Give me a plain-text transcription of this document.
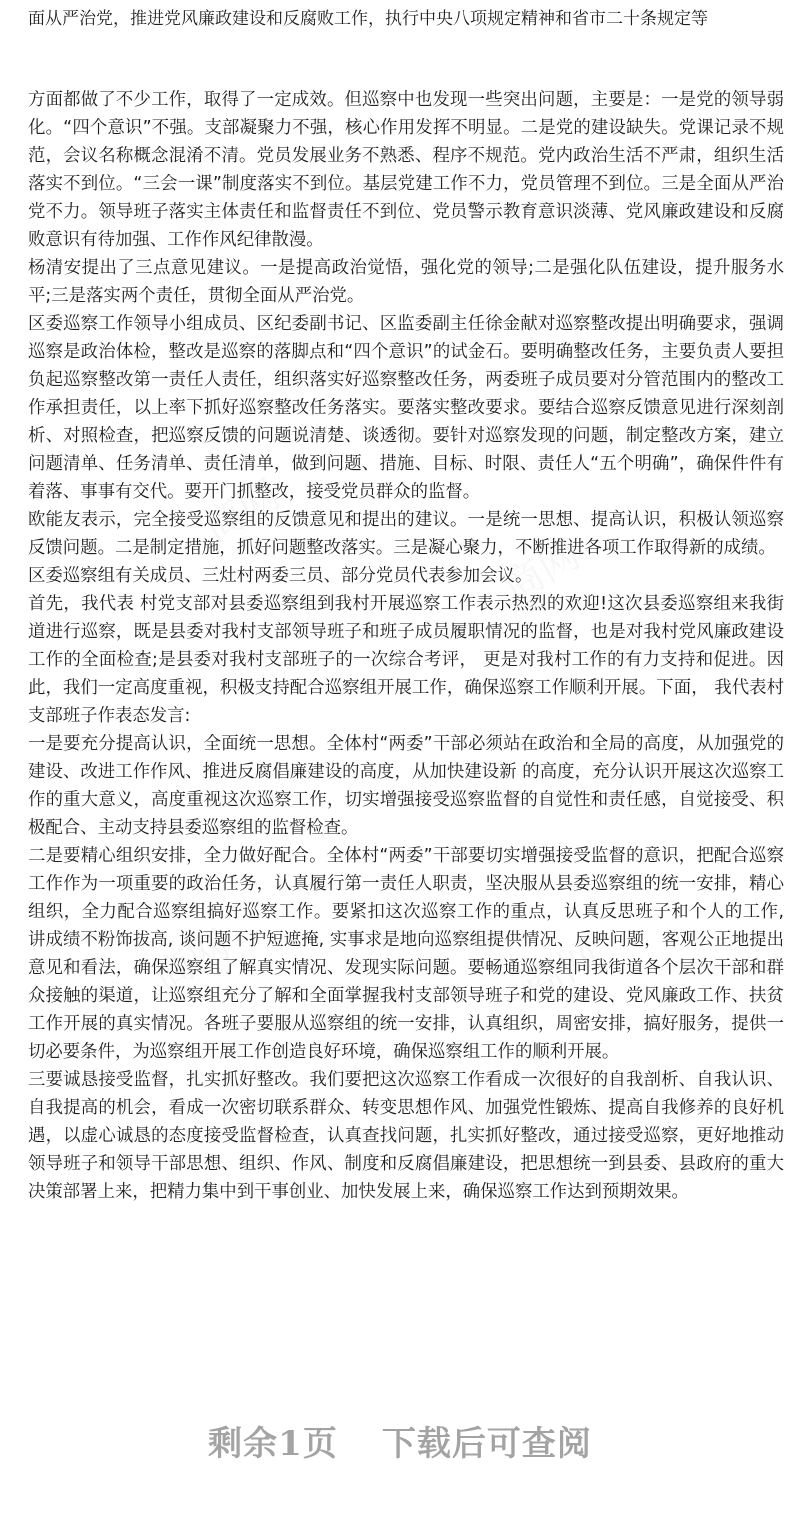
面从严治党，推进党风廉政建设和反腐败工作，执行中央八项规定精神和省市二十条规定等

方面都做了不少工作，取得了一定成效。但巡察中也发现一些突出问题，主要是：一是党的领导弱化。“四个意识”不强。支部凝聚力不强，核心作用发挥不明显。二是党的建设缺失。党课记录不规范，会议名称概念混淆不清。党员发展业务不熟悉、程序不规范。党内政治生活不严肃，组织生活落实不到位。“三会一课”制度落实不到位。基层党建工作不力，党员管理不到位。三是全面从严治党不力。领导班子落实主体责任和监督责任不到位、党员警示教育意识淡薄、党风廉政建设和反腐败意识有待加强、工作作风纪律散漫。

杨清安提出了三点意见建议。一是提高政治觉悟，强化党的领导;二是强化队伍建设，提升服务水平;三是落实两个责任，贯彻全面从严治党。

区委巡察工作领导小组成员、区纪委副书记、区监委副主任徐金献对巡察整改提出明确要求，强调巡察是政治体检，整改是巡察的落脚点和“四个意识”的试金石。要明确整改任务，主要负责人要担负起巡察整改第一责任人责任，组织落实好巡察整改任务，两委班子成员要对分管范围内的整改工作承担责任，以上率下抓好巡察整改任务落实。要落实整改要求。要结合巡察反馈意见进行深刻剖析、对照检查，把巡察反馈的问题说清楚、谈透彻。要针对巡察发现的问题，制定整改方案，建立问题清单、任务清单、责任清单，做到问题、措施、目标、时限、责任人“五个明确”，确保件件有着落、事事有交代。要开门抓整改，接受党员群众的监督。

欧能友表示，完全接受巡察组的反馈意见和提出的建议。一是统一思想、提高认识，积极认领巡察反馈问题。二是制定措施，抓好问题整改落实。三是凝心聚力，不断推进各项工作取得新的成绩。

区委巡察组有关成员、三灶村两委三员、部分党员代表参加会议。

首先，我代表 村党支部对县委巡察组到我村开展巡察工作表示热烈的欢迎!这次县委巡察组来我街道进行巡察，既是县委对我村支部领导班子和班子成员履职情况的监督，也是对我村党风廉政建设工作的全面检查;是县委对我村支部班子的一次综合考评， 更是对我村工作的有力支持和促进。因此，我们一定高度重视，积极支持配合巡察组开展工作，确保巡察工作顺利开展。下面， 我代表村支部班子作表态发言:

一是要充分提高认识，全面统一思想。全体村“两委”干部必须站在政治和全局的高度，从加强党的建设、改进工作作风、推进反腐倡廉建设的高度，从加快建设新 的高度，充分认识开展这次巡察工作的重大意义，高度重视这次巡察工作，切实增强接受巡察监督的自觉性和责任感，自觉接受、积极配合、主动支持县委巡察组的监督检查。

二是要精心组织安排，全力做好配合。全体村“两委”干部要切实增强接受监督的意识，把配合巡察工作作为一项重要的政治任务，认真履行第一责任人职责，坚决服从县委巡察组的统一安排，精心组织，全力配合巡察组搞好巡察工作。要紧扣这次巡察工作的重点，认真反思班子和个人的工作, 讲成绩不粉饰拔高, 谈问题不护短遮掩, 实事求是地向巡察组提供情况、反映问题，客观公正地提出意见和看法，确保巡察组了解真实情况、发现实际问题。要畅通巡察组同我街道各个层次干部和群众接触的渠道，让巡察组充分了解和全面掌握我村支部领导班子和党的建设、党风廉政工作、扶贫工作开展的真实情况。各班子要服从巡察组的统一安排，认真组织，周密安排，搞好服务，提供一切必要条件，为巡察组开展工作创造良好环境，确保巡察组工作的顺利开展。

三要诚恳接受监督，扎实抓好整改。我们要把这次巡察工作看成一次很好的自我剖析、自我认识、自我提高的机会，看成一次密切联系群众、转变思想作风、加强党性锻炼、提高自我修养的良好机遇，以虚心诚恳的态度接受监督检查，认真查找问题，扎实抓好整改，通过接受巡察，更好地推动领导班子和领导干部思想、组织、作风、制度和反腐倡廉建设，把思想统一到县委、县政府的重大决策部署上来，把精力集中到干事创业、加快发展上来，确保巡察工作达到预期效果。

剩余1页 下载后可查阅
